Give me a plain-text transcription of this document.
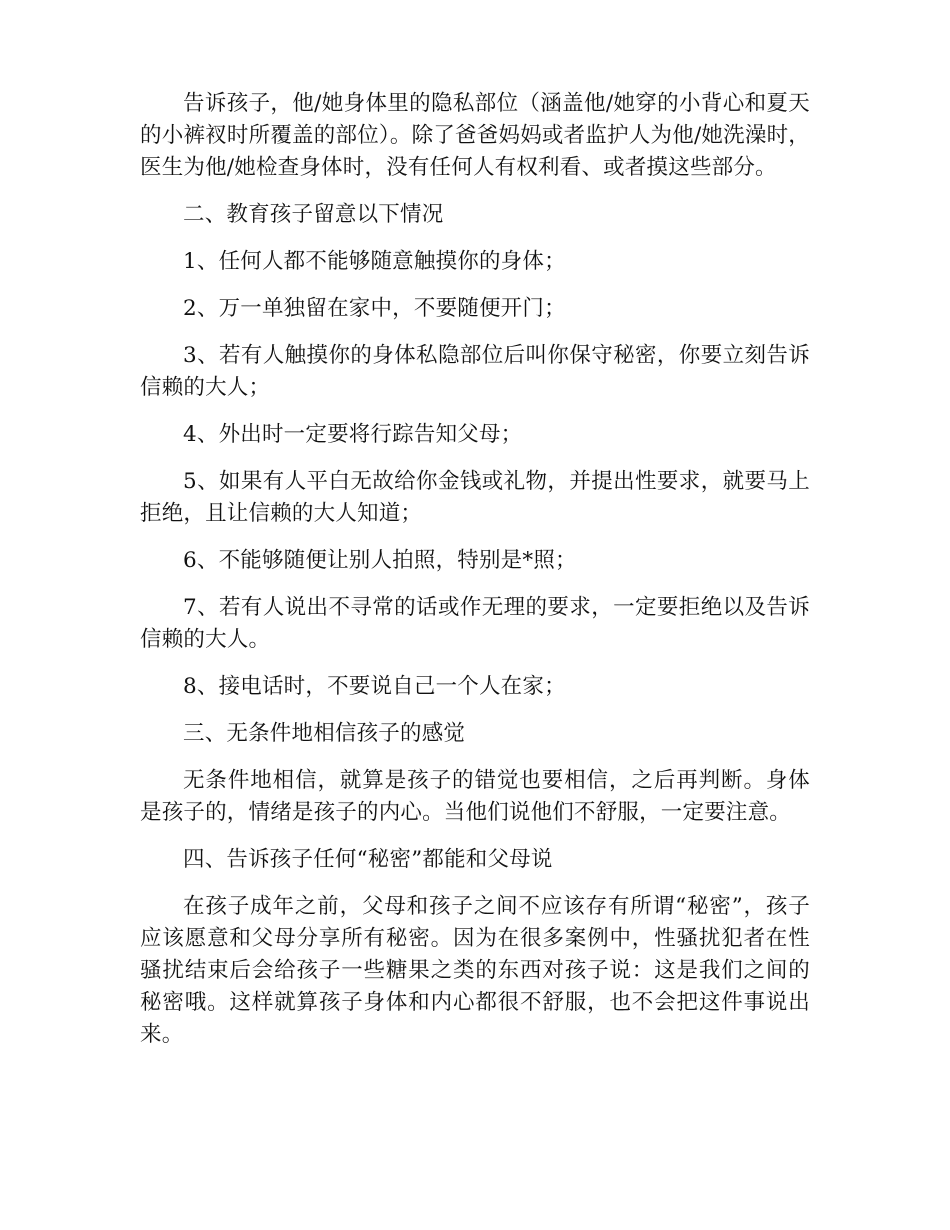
告诉孩子，他/她身体里的隐私部位（涵盖他/她穿的小背心和夏天的小裤衩时所覆盖的部位）。除了爸爸妈妈或者监护人为他/她洗澡时，医生为他/她检查身体时，没有任何人有权利看、或者摸这些部分。

二、教育孩子留意以下情况

1、任何人都不能够随意触摸你的身体；

2、万一单独留在家中，不要随便开门；

3、若有人触摸你的身体私隐部位后叫你保守秘密，你要立刻告诉信赖的大人；

4、外出时一定要将行踪告知父母；

5、如果有人平白无故给你金钱或礼物，并提出性要求，就要马上拒绝，且让信赖的大人知道；

6、不能够随便让别人拍照，特别是*照；

7、若有人说出不寻常的话或作无理的要求，一定要拒绝以及告诉信赖的大人。

8、接电话时，不要说自己一个人在家；

三、无条件地相信孩子的感觉

无条件地相信，就算是孩子的错觉也要相信，之后再判断。身体是孩子的，情绪是孩子的内心。当他们说他们不舒服，一定要注意。

四、告诉孩子任何“秘密”都能和父母说

在孩子成年之前，父母和孩子之间不应该存有所谓“秘密”，孩子应该愿意和父母分享所有秘密。因为在很多案例中，性骚扰犯者在性骚扰结束后会给孩子一些糖果之类的东西对孩子说：这是我们之间的秘密哦。这样就算孩子身体和内心都很不舒服，也不会把这件事说出来。
